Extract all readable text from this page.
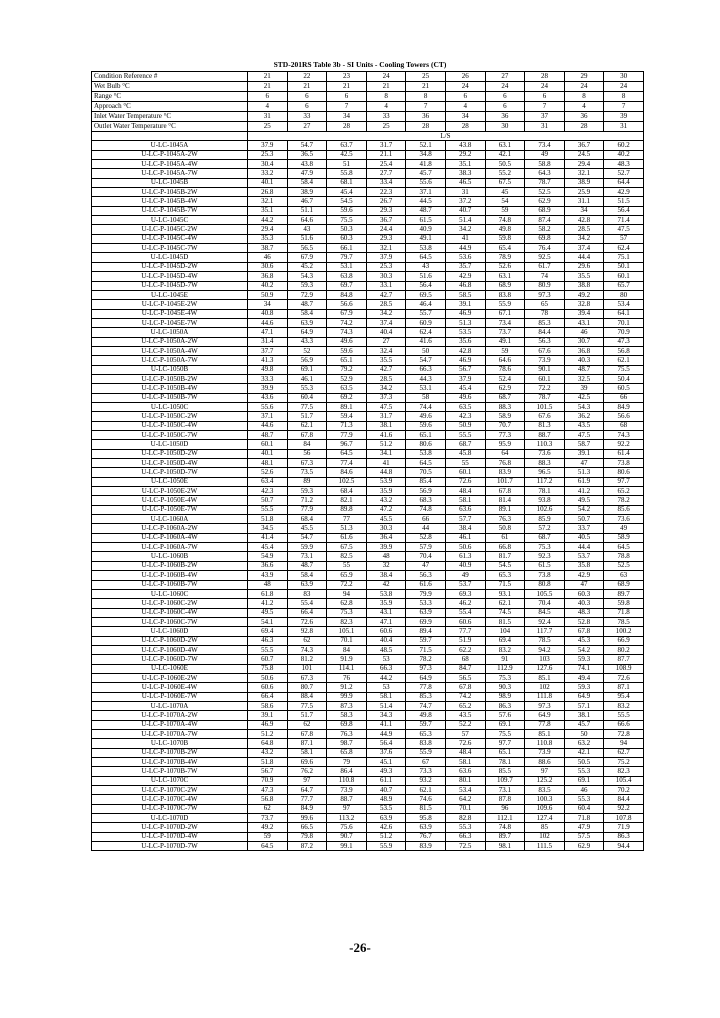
STD-201RS Table 3b - SI Units - Cooling Towers (CT)
Condition Reference #	21	22	23	24	25	26	27	28	29	30
Wet Bulb °C	21	21	21	21	21	24	24	24	24	24
Range °C	6	6	6	8	8	6	6	6	8	8
Approach °C	4	6	7	4	7	4	6	7	4	7
Inlet Water Temperature °C	31	33	34	33	36	34	36	37	36	39
Outlet Water Temperature °C	25	27	28	25	28	28	30	31	28	31
	L/S									
U-LC-1045A	37.9	54.7	63.7	31.7	52.1	43.8	63.1	73.4	36.7	60.2
U-LC-P-1045A-2W	25.3	36.5	42.5	21.1	34.8	29.2	42.1	49	24.5	40.2
U-LC-P-1045A-4W	30.4	43.8	51	25.4	41.8	35.1	50.5	58.8	29.4	48.3
U-LC-P-1045A-7W	33.2	47.9	55.8	27.7	45.7	38.3	55.2	64.3	32.1	52.7
U-LC-1045B	40.1	58.4	68.1	33.4	55.6	46.5	67.5	78.7	38.9	64.4
U-LC-P-1045B-2W	26.8	38.9	45.4	22.3	37.1	31	45	52.5	25.9	42.9
U-LC-P-1045B-4W	32.1	46.7	54.5	26.7	44.5	37.2	54	62.9	31.1	51.5
U-LC-P-1045B-7W	35.1	51.1	59.6	29.3	48.7	40.7	59	68.9	34	56.4
U-LC-1045C	44.2	64.6	75.5	36.7	61.5	51.4	74.8	87.4	42.8	71.4
U-LC-P-1045C-2W	29.4	43	50.3	24.4	40.9	34.2	49.8	58.2	28.5	47.5
U-LC-P-1045C-4W	35.3	51.6	60.3	29.3	49.1	41	59.8	69.8	34.2	57
U-LC-P-1045C-7W	38.7	56.5	66.1	32.1	53.8	44.9	65.4	76.4	37.4	62.4
U-LC-1045D	46	67.9	79.7	37.9	64.5	53.6	78.9	92.5	44.4	75.1
U-LC-P-1045D-2W	30.6	45.2	53.1	25.3	43	35.7	52.6	61.7	29.6	50.1
U-LC-P-1045D-4W	36.8	54.3	63.8	30.3	51.6	42.9	63.1	74	35.5	60.1
U-LC-P-1045D-7W	40.2	59.3	69.7	33.1	56.4	46.8	68.9	80.9	38.8	65.7
U-LC-1045E	50.9	72.9	84.8	42.7	69.5	58.5	83.8	97.3	49.2	80
U-LC-P-1045E-2W	34	48.7	56.6	28.5	46.4	39.1	55.9	65	32.8	53.4
U-LC-P-1045E-4W	40.8	58.4	67.9	34.2	55.7	46.9	67.1	78	39.4	64.1
U-LC-P-1045E-7W	44.6	63.9	74.2	37.4	60.9	51.3	73.4	85.3	43.1	70.1
U-LC-1050A	47.1	64.9	74.3	40.4	62.4	53.5	73.7	84.4	46	70.9
U-LC-P-1050A-2W	31.4	43.3	49.6	27	41.6	35.6	49.1	56.3	30.7	47.3
U-LC-P-1050A-4W	37.7	52	59.6	32.4	50	42.8	59	67.6	36.8	56.8
U-LC-P-1050A-7W	41.3	56.9	65.1	35.5	54.7	46.9	64.6	73.9	40.3	62.1
U-LC-1050B	49.8	69.1	79.2	42.7	66.3	56.7	78.6	90.1	48.7	75.5
U-LC-P-1050B-2W	33.3	46.1	52.9	28.5	44.3	37.9	52.4	60.1	32.5	50.4
U-LC-P-1050B-4W	39.9	55.3	63.5	34.2	53.1	45.4	62.9	72.2	39	60.5
U-LC-P-1050B-7W	43.6	60.4	69.2	37.3	58	49.6	68.7	78.7	42.5	66
U-LC-1050C	55.6	77.5	89.1	47.5	74.4	63.5	88.3	101.5	54.3	84.9
U-LC-P-1050C-2W	37.1	51.7	59.4	31.7	49.6	42.3	58.9	67.6	36.2	56.6
U-LC-P-1050C-4W	44.6	62.1	71.3	38.1	59.6	50.9	70.7	81.3	43.5	68
U-LC-P-1050C-7W	48.7	67.8	77.9	41.6	65.1	55.5	77.3	88.7	47.5	74.3
U-LC-1050D	60.1	84	96.7	51.2	80.6	68.7	95.9	110.3	58.7	92.2
U-LC-P-1050D-2W	40.1	56	64.5	34.1	53.8	45.8	64	73.6	39.1	61.4
U-LC-P-1050D-4W	48.1	67.3	77.4	41	64.5	55	76.8	88.3	47	73.8
U-LC-P-1050D-7W	52.6	73.5	84.6	44.8	70.5	60.1	83.9	96.5	51.3	80.6
U-LC-1050E	63.4	89	102.5	53.9	85.4	72.6	101.7	117.2	61.9	97.7
U-LC-P-1050E-2W	42.3	59.3	68.4	35.9	56.9	48.4	67.8	78.1	41.2	65.2
U-LC-P-1050E-4W	50.7	71.2	82.1	43.2	68.3	58.1	81.4	93.8	49.5	78.2
U-LC-P-1050E-7W	55.5	77.9	89.8	47.2	74.8	63.6	89.1	102.6	54.2	85.6
U-LC-1060A	51.8	68.4	77	45.5	66	57.7	76.3	85.9	50.7	73.6
U-LC-P-1060A-2W	34.5	45.5	51.3	30.3	44	38.4	50.8	57.2	33.7	49
U-LC-P-1060A-4W	41.4	54.7	61.6	36.4	52.8	46.1	61	68.7	40.5	58.9
U-LC-P-1060A-7W	45.4	59.9	67.5	39.9	57.9	50.6	66.8	75.3	44.4	64.5
U-LC-1060B	54.9	73.1	82.5	48	70.4	61.3	81.7	92.3	53.7	78.8
U-LC-P-1060B-2W	36.6	48.7	55	32	47	40.9	54.5	61.5	35.8	52.5
U-LC-P-1060B-4W	43.9	58.4	65.9	38.4	56.3	49	65.3	73.8	42.9	63
U-LC-P-1060B-7W	48	63.9	72.2	42	61.6	53.7	71.5	80.8	47	68.9
U-LC-1060C	61.8	83	94	53.8	79.9	69.3	93.1	105.5	60.3	89.7
U-LC-P-1060C-2W	41.2	55.4	62.8	35.9	53.3	46.2	62.1	70.4	40.3	59.8
U-LC-P-1060C-4W	49.5	66.4	75.3	43.1	63.9	55.4	74.5	84.5	48.3	71.8
U-LC-P-1060C-7W	54.1	72.6	82.3	47.1	69.9	60.6	81.5	92.4	52.8	78.5
U-LC-1060D	69.4	92.8	105.1	60.6	89.4	77.7	104	117.7	67.8	100.2
U-LC-P-1060D-2W	46.3	62	70.1	40.4	59.7	51.9	69.4	78.5	45.3	66.9
U-LC-P-1060D-4W	55.5	74.3	84	48.5	71.5	62.2	83.2	94.2	54.2	80.2
U-LC-P-1060D-7W	60.7	81.2	91.9	53	78.2	68	91	103	59.3	87.7
U-LC-1060E	75.8	101	114.1	66.3	97.3	84.7	112.9	127.6	74.1	108.9
U-LC-P-1060E-2W	50.6	67.3	76	44.2	64.9	56.5	75.3	85.1	49.4	72.6
U-LC-P-1060E-4W	60.6	80.7	91.2	53	77.8	67.8	90.3	102	59.3	87.1
U-LC-P-1060E-7W	66.4	88.4	99.9	58.1	85.3	74.2	98.9	111.8	64.9	95.4
U-LC-1070A	58.6	77.5	87.3	51.4	74.7	65.2	86.3	97.3	57.1	83.2
U-LC-P-1070A-2W	39.1	51.7	58.3	34.3	49.8	43.5	57.6	64.9	38.1	55.5
U-LC-P-1070A-4W	46.9	62	69.8	41.1	59.7	52.2	69.1	77.8	45.7	66.6
U-LC-P-1070A-7W	51.2	67.8	76.3	44.9	65.3	57	75.5	85.1	50	72.8
U-LC-1070B	64.8	87.1	98.7	56.4	83.8	72.6	97.7	110.8	63.2	94
U-LC-P-1070B-2W	43.2	58.1	65.8	37.6	55.9	48.4	65.1	73.9	42.1	62.7
U-LC-P-1070B-4W	51.8	69.6	79	45.1	67	58.1	78.1	88.6	50.5	75.2
U-LC-P-1070B-7W	56.7	76.2	86.4	49.3	73.3	63.6	85.5	97	55.3	82.3
U-LC-1070C	70.9	97	110.8	61.1	93.2	80.1	109.7	125.2	69.1	105.4
U-LC-P-1070C-2W	47.3	64.7	73.9	40.7	62.1	53.4	73.1	83.5	46	70.2
U-LC-P-1070C-4W	56.8	77.7	88.7	48.9	74.6	64.2	87.8	100.3	55.3	84.4
U-LC-P-1070C-7W	62	84.9	97	53.5	81.5	70.1	96	109.6	60.4	92.2
U-LC-1070D	73.7	99.6	113.2	63.9	95.8	82.8	112.1	127.4	71.8	107.8
U-LC-P-1070D-2W	49.2	66.5	75.6	42.6	63.9	55.3	74.8	85	47.9	71.9
U-LC-P-1070D-4W	59	79.8	90.7	51.2	76.7	66.3	89.7	102	57.5	86.3
U-LC-P-1070D-7W	64.5	87.2	99.1	55.9	83.9	72.5	98.1	111.5	62.9	94.4
-26-
